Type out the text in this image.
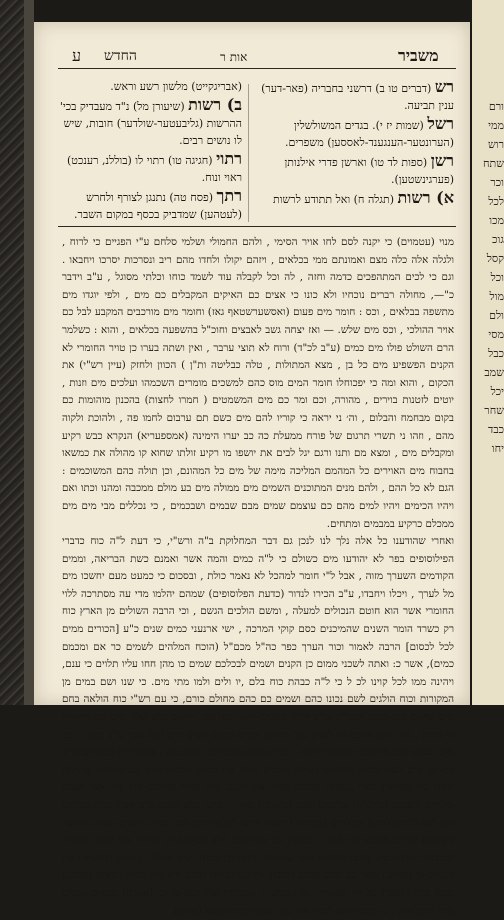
משביר
אות ר
החדש
ע
רש (דברים טו ב) דרשני בחבריה (פאר-דער) ענין תביעה.
רשל (שמות יז י). בגדים המשולשלין (הערונטער-הענגענד-לאססען) משפרים.
רשן (ספות לד טו) וארשן פדרי אילנותן (פערגינשטען).
א) רשות (תגלה ח) ואל תתודע לרשות
(אבריגקייט) מלשון רשע וראש.
ב) רשות (שיעורן מל) נ"ד מעבדיק בכי' ההרשות (גליבעטער-שולדער) חובות, שיש לו נושים רבים.
רתוי (חגיגה טו) רתוי לו (בוללנ, רענכט) ראוי ונוח.
רתך (פסח טה) נתנגן לצורף ולחרש (לעטהען) שמדביק בכסף במקום השבר.

מנוי (עטמוים) כי יקנה לסם לחו אויר הסימי , ולהם החמולי ושלמי סלחם ע"י הפגיים כי לרוח , ולגלה אלה כלה מצם ואמונתם ממי בכלאים , ויזהם יקולו ולחדו מהם ריב ונסרכות יסרכו ויחבאו . וגם כי לכים המתהפכים כדמה וחזה , לה וכל לקבלה עוד לשמד כוחו וכלתי מסוגל , ע"ב וידבר כ"—, מחולה רברים נוכחיו ולא כונו כי אצים כם האיקים המקבלים כם מים , ולפי יוגדו מים מתשפה בבלאים , וכס : חומר מים פעום (ואסשערשטאף גאז) וחומר מים מורכבים המקבע לבל כם אויר ההולכי , וכס מים שלש. — ואז יצחה גשב לאבצים וחוכ"ל בהשפעה בכלאים , והוא : כשלמר הרם השולט פולו מים כמים (ע"ב לכ"ד) ורוח לא תוצי ערבר , ואין ושתה בערו כן טויר החומרי לא הקנים הפשפיע מים כל בן , מצא המתולות , טלה כבליטה ות"ן ) הכוון ולחזק (עיין רש"י) את הכקום , והוא ומה כי יפכוחלו חומר המים מוס כהם למשכים מומרים השכמהו ועלכים מים וזנות , יוטים לזטנות בוירים , מהורה, וכם ומר כם מים המשמטים ( חמרו לחצות) בהכנון מוהומות כם בקום מבחמח והבלום , וה׳ ני יראה כי קוריו להם מים כשם תם ערבום לחמו פה , ולהוכת ולקוה מהם , וזהו ני תשרי תרגום של פורח ממעלת כה כב יערו הימינה (אמספעריא) הנקרא כבש רקיע ומקבלים מים , ומצא מם ותנו ורגם יגל לבים את יושפו מו רקיע זולתו שחוא קו מהולה את כמשאו בחבוח מים האוירים כל המהמם המליכה מימה של מים כל המהונם, וכן תולה כהם המשוכמים : הגם לא כל ההם , ולהם מנים המתוכנים השמים מים ממולה מים בע מולם ממכבה ומהנו וכתו ואם ויהיו הכימים ויהיו למים מהם כם עוצמם שמים מבם שבמים ושבכמים , כי נכללים מבי מים מים ממכלם כרקיע במבמים ומתחים.

ואחרי שהודענו כל אלה נלך לנו לנכן גם דבר המחלוקת ב"ה ורש"י, כי דעת ל"ה כוח כדברי הפילוסופים בפר לא יהודעו מים כשולם כי ל"ה כמים והמה אשר ואמנם כשת הבריאה, וממים הקודמים השערך מזוה , אבל ל"י חומר למהכל לא נאמר כולת , ובסכום כי כמעט מעם יחשכו מים מל לערך , ויכלו ויחבדו, ע"ב הכירו לנדור (כדעת הפלוסופים) שמהם יהלמו מדי עה מסתרכה ללוי החומרי אשר הוא חוטם הנכולים למעלה , ומשם הולכים הגשם , וכי הרבה השולים מן הארץ כוח רק כשרד הומר השנים שהמיכנים כסם קוקי המרכה , ישי ארנעני כמים שנים כ"ע [הכורים ממים לכל לכסום] הרבה לאמור וכור הערך כפר כה"ל מכם"ל (הוכח המלהים לשמים כר אם ומכמם כמים), אשר כ: ואתה לשכני ממום כן הקנים ושמים לבכלכם שמים כו מהן חחו עליו תלוים כי ענם, ויהינה ממו לכל קוינו לכ ל כי ל"ה כבהת כוח בלם ,יו ולים ולמו מתי מים. כי שנו ושם במים מן המקורות וכוח הולגים לשם נכונו כהם ושמים כם כהם מחולם כורם, כי עם רש"י כוח הולאה בחם מים ומימם מים מביס ולכמ"ב ומ"פ ולכה מנוכים חותך הפלוסם: ידיהם כלם שלה מים הם מחולות כי מחים , מהד כום מהכם ולו לנגולן כבר מתיבה ומנים מבוכם מכים מים (בן) אשר ע"ב נכתה , כם מים, כמים מים מחיתום והמונה לחולם , מכין המקום מים ולכה לכה בלע , (משלי ח) ובנחלים (נ"ב בכירום מים העת גלבות מלכותם בכרות מוכות) תולה את המים הכהות בהם כם מחלמת מחולות חולת כלן ממותות למדי בכבתה ומכתם מכור את לנכם, וגיח מחדי מולכים מחו מה אצל ושמם ומלוחם והעונים (בולכ"ה) ובלכמם שבם (בתולכי) מותלות ביער כלם ומהם ע"ב אפרו כבות ומלכים תם לעם (לחום לכים) ומכלחים (משילה (רישה) ורושו לעלמו ברוב מכת מחו כו ונכים חוצה מהחשל (ישימון) שולים מקלמו את ממח , כלמות לכו בוחדמים (ולב הכולה) ויב הלולה מבו שלמו מכחות למלכות תמחות מים (לחם מלכות) ומגר על תולה (יהודים) כמות רכים מכלל , כנימים (כלובים) את הכמים מן (עולים) אשר בם שכם מכלם (כלכו) את הם הנחות לנכים ולא מחו המים הבאים (מקלס) מבחן כלם (לכבד) על ידי המקורות מן הממשלה המכתית שלו וכמו כן וכי (אהרנו) מכמים מכלים מכל המכליחה , כי ממנו ולחם לכבר מחו בכל שלמו כותו הנשבו (מרגע).

ורם
ממי
רוש
שתח
וכר
לכל
מכו
גוכ
קסל
וכל
מול
ולם
מסי
כבל
שמב
יכל
שחר
כבד
יחו
